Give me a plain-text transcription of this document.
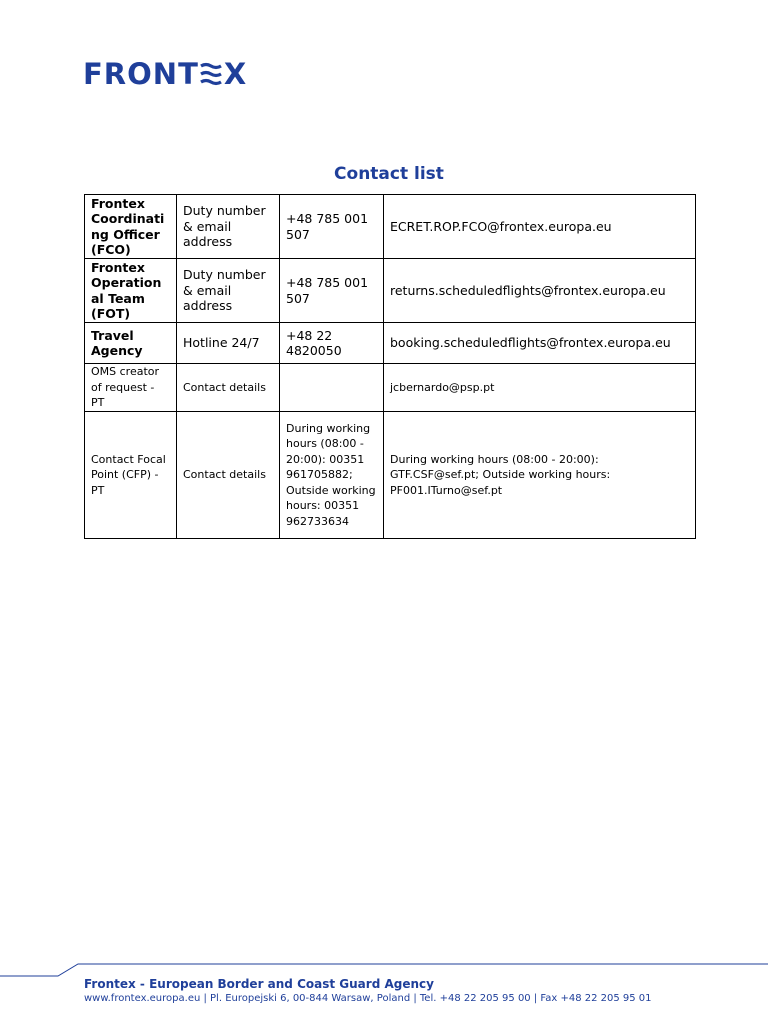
FRONT X
Contact list
Frontex Coordinati ng Officer (FCO)	Duty number & email address	+48 785 001 507	ECRET.ROP.FCO@frontex.europa.eu
Frontex Operation al Team (FOT)	Duty number & email address	+48 785 001 507	returns.scheduledflights@frontex.europa.eu
Travel Agency	Hotline 24/7	+48 22 4820050	booking.scheduledflights@frontex.europa.eu
OMS creator of request - PT	Contact details		jcbernardo@psp.pt
Contact Focal Point (CFP) - PT	Contact details	During working hours (08:00 - 20:00): 00351 961705882; Outside working hours: 00351 962733634	During working hours (08:00 - 20:00): GTF.CSF@sef.pt; Outside working hours: PF001.ITurno@sef.pt
Frontex - European Border and Coast Guard Agency
www.frontex.europa.eu | Pl. Europejski 6, 00-844 Warsaw, Poland | Tel. +48 22 205 95 00 | Fax +48 22 205 95 01
